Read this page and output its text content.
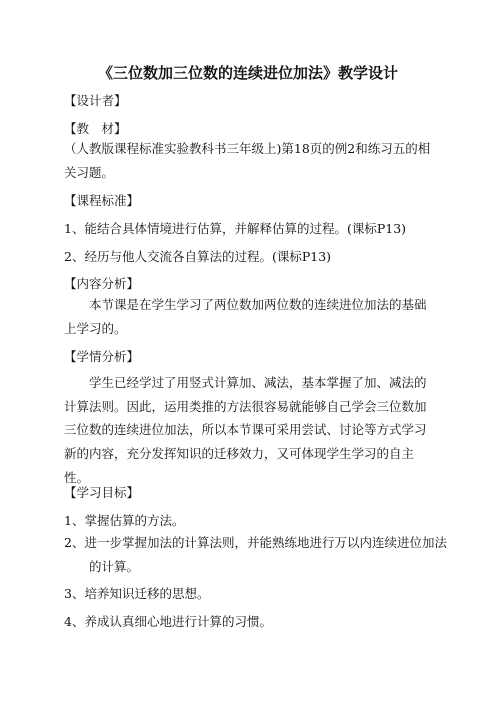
《三位数加三位数的连续进位加法》教学设计
【设计者】
【教　材】
（人教版课程标准实验教科书三年级上)第18页的例2和练习五的相关习题。
【课程标准】
1、能结合具体情境进行估算，并解释估算的过程。(课标P13)
2、经历与他人交流各自算法的过程。(课标P13)
【内容分析】
本节课是在学生学习了两位数加两位数的连续进位加法的基础上学习的。
【学情分析】
学生已经学过了用竖式计算加、减法，基本掌握了加、减法的计算法则。因此，运用类推的方法很容易就能够自己学会三位数加三位数的连续进位加法，所以本节课可采用尝试、讨论等方式学习新的内容，充分发挥知识的迁移效力，又可体现学生学习的自主性。
【学习目标】
1、掌握估算的方法。
2、进一步掌握加法的计算法则，并能熟练地进行万以内连续进位加法的计算。
3、培养知识迁移的思想。
4、养成认真细心地进行计算的习惯。
